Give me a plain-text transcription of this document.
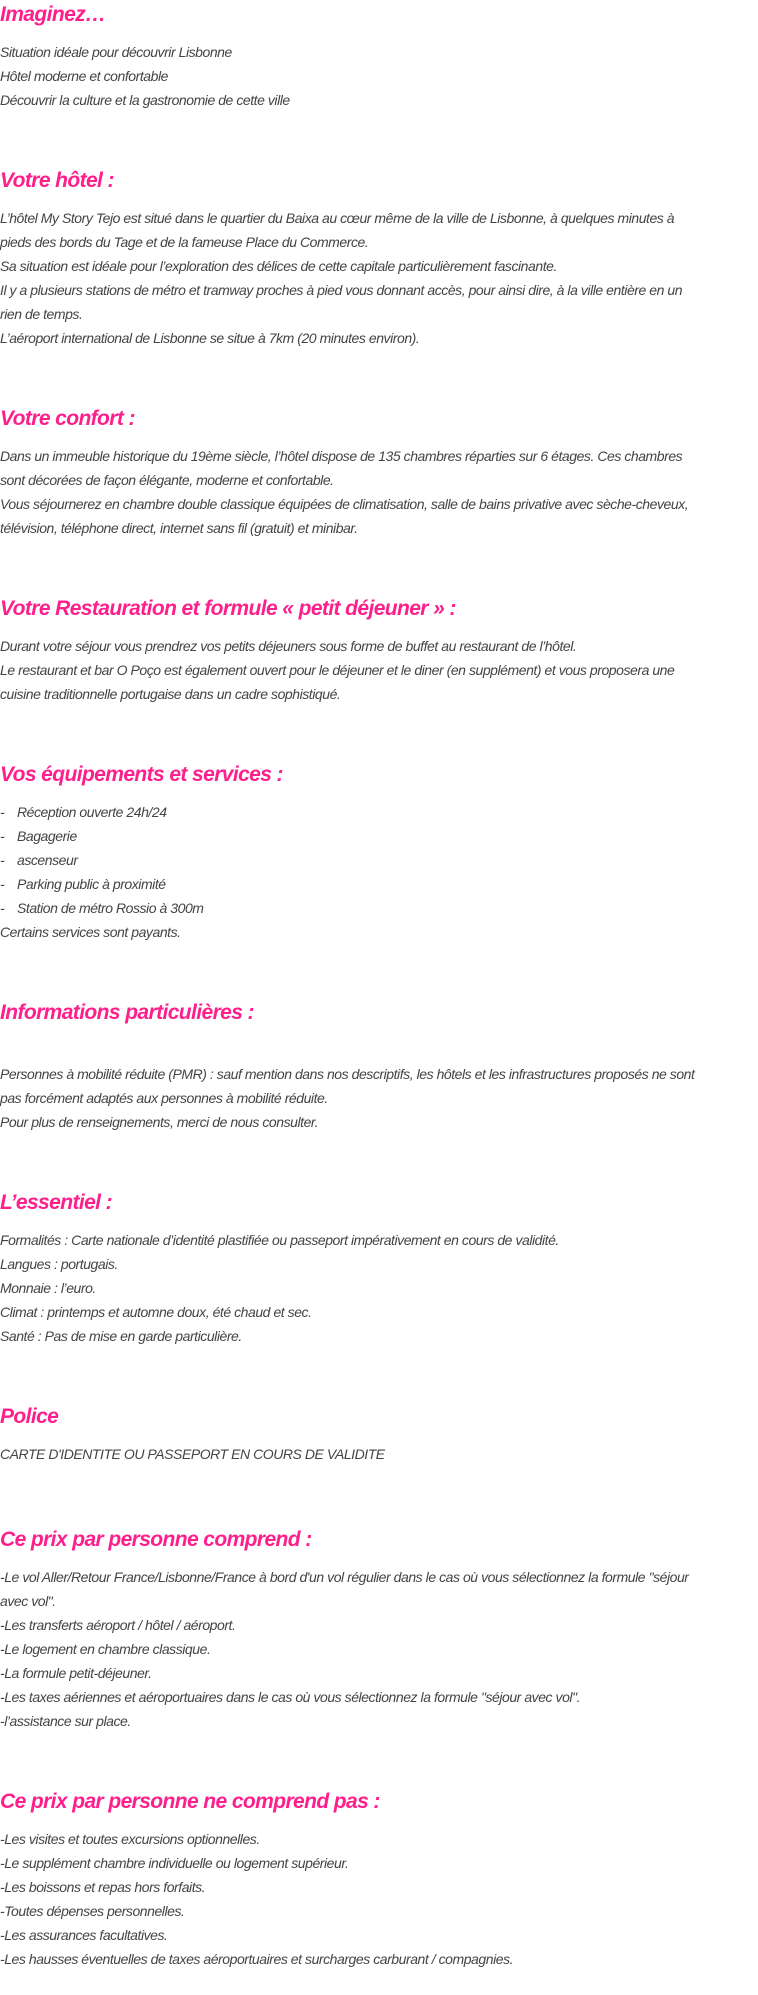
Imaginez…
Situation idéale pour découvrir Lisbonne
Hôtel moderne et confortable
Découvrir la culture et la gastronomie de cette ville
Votre hôtel :
L’hôtel My Story Tejo est situé dans le quartier du Baixa au cœur même de la ville de Lisbonne, à quelques minutes à
pieds des bords du Tage et de la fameuse Place du Commerce.
Sa situation est idéale pour l’exploration des délices de cette capitale particulièrement fascinante.
Il y a plusieurs stations de métro et tramway proches à pied vous donnant accès, pour ainsi dire, à la ville entière en un
rien de temps.
L’aéroport international de Lisbonne se situe à 7km (20 minutes environ).
Votre confort :
Dans un immeuble historique du 19ème siècle, l’hôtel dispose de 135 chambres réparties sur 6 étages. Ces chambres
sont décorées de façon élégante, moderne et confortable.
Vous séjournerez en chambre double classique équipées de climatisation, salle de bains privative avec sèche-cheveux,
télévision, téléphone direct, internet sans fil (gratuit) et minibar.
Votre Restauration et formule « petit déjeuner » :
Durant votre séjour vous prendrez vos petits déjeuners sous forme de buffet au restaurant de l’hôtel.
Le restaurant et bar O Poço est également ouvert pour le déjeuner et le diner (en supplément) et vous proposera une
cuisine traditionnelle portugaise dans un cadre sophistiqué.
Vos équipements et services :
- Réception ouverte 24h/24
- Bagagerie
- ascenseur
- Parking public à proximité
- Station de métro Rossio à 300m
Certains services sont payants.
Informations particulières :
Personnes à mobilité réduite (PMR) : sauf mention dans nos descriptifs, les hôtels et les infrastructures proposés ne sont
pas forcément adaptés aux personnes à mobilité réduite.
Pour plus de renseignements, merci de nous consulter.
L’essentiel :
Formalités : Carte nationale d’identité plastifiée ou passeport impérativement en cours de validité.
Langues : portugais.
Monnaie : l’euro.
Climat : printemps et automne doux, été chaud et sec.
Santé : Pas de mise en garde particulière.
Police
CARTE D'IDENTITE OU PASSEPORT EN COURS DE VALIDITE
Ce prix par personne comprend :
-Le vol Aller/Retour France/Lisbonne/France à bord d'un vol régulier dans le cas où vous sélectionnez la formule "séjour
avec vol".
-Les transferts aéroport / hôtel / aéroport.
-Le logement en chambre classique.
-La formule petit-déjeuner.
-Les taxes aériennes et aéroportuaires dans le cas où vous sélectionnez la formule "séjour avec vol".
-l’assistance sur place.
Ce prix par personne ne comprend pas :
-Les visites et toutes excursions optionnelles.
-Le supplément chambre individuelle ou logement supérieur.
-Les boissons et repas hors forfaits.
-Toutes dépenses personnelles.
-Les assurances facultatives.
-Les hausses éventuelles de taxes aéroportuaires et surcharges carburant / compagnies.
